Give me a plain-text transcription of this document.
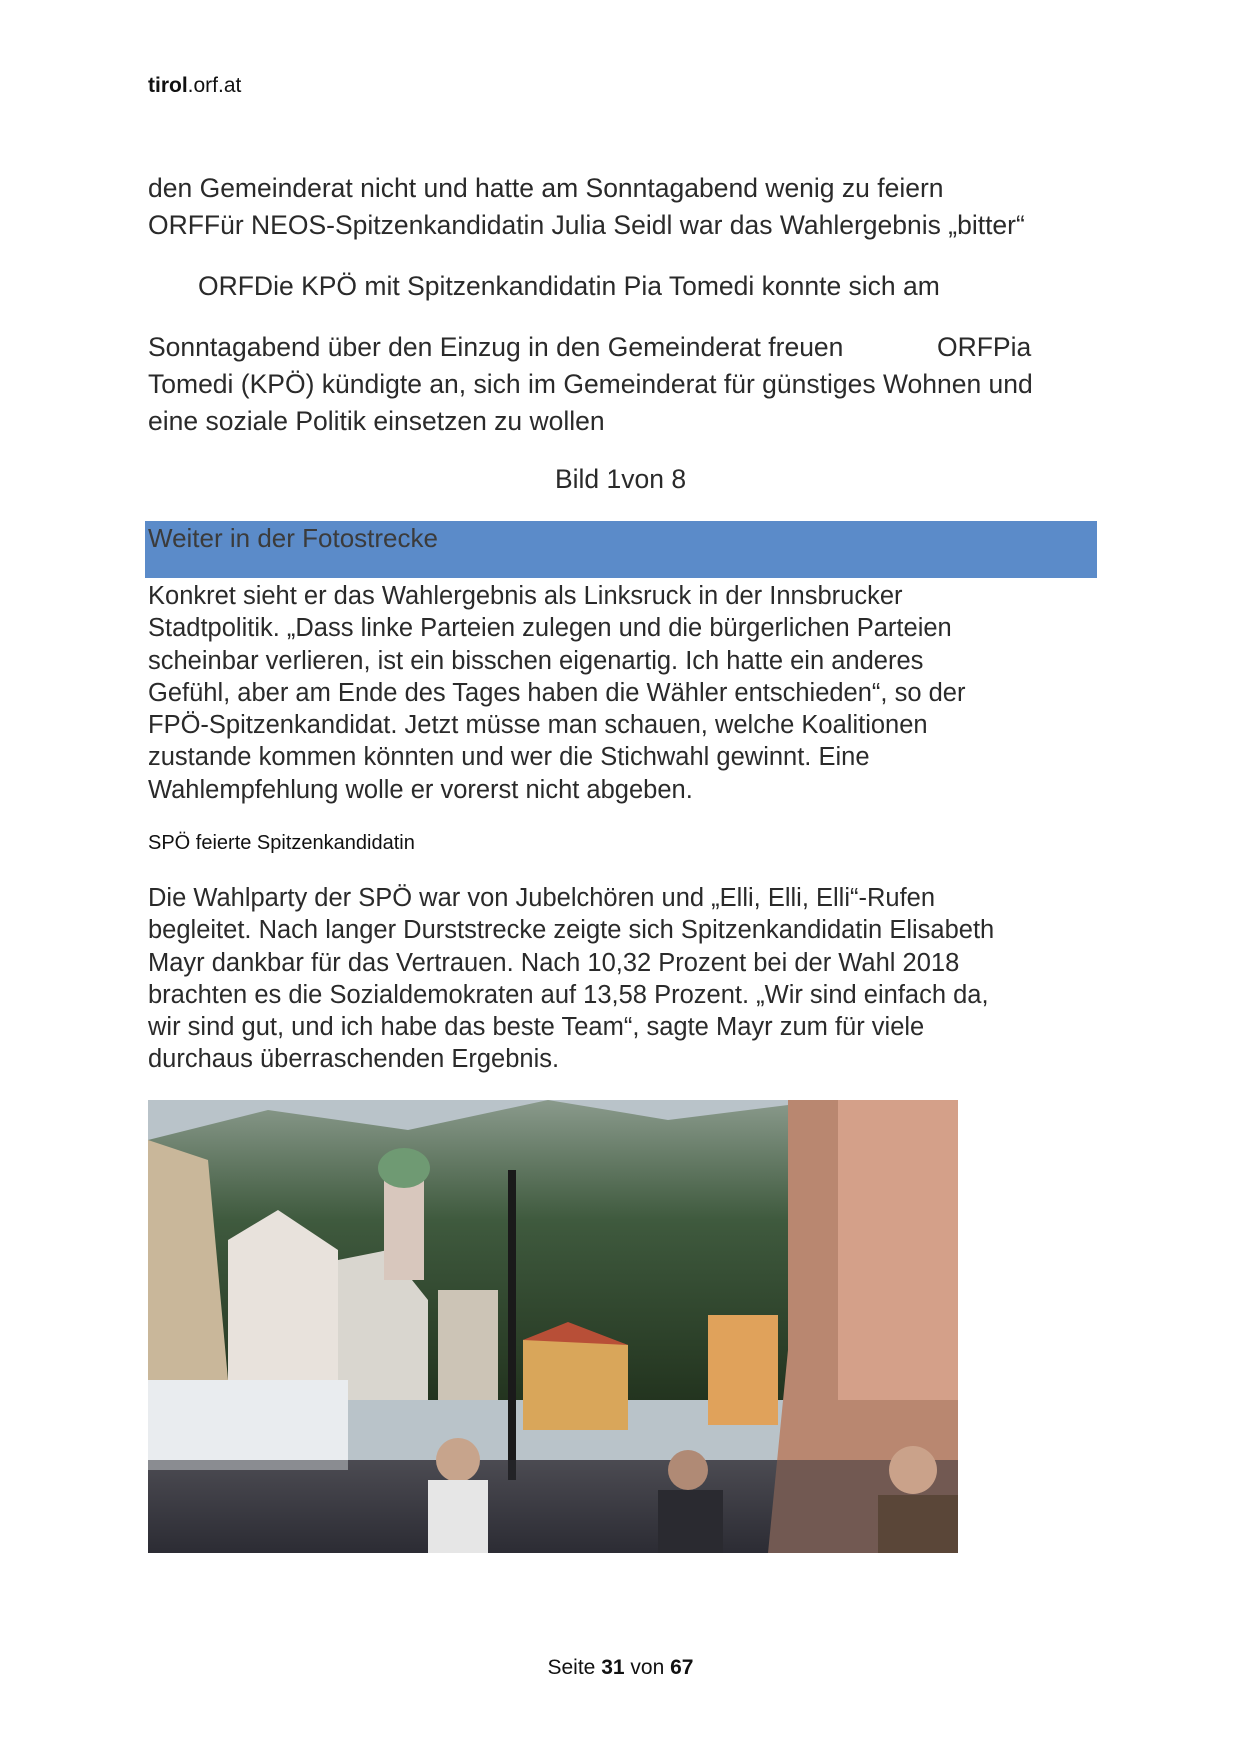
tirol.orf.at
den Gemeinderat nicht und hatte am Sonntagabend wenig zu feiern
ORFFür NEOS-Spitzenkandidatin Julia Seidl war das Wahlergebnis „bitter“
ORFDie KPÖ mit Spitzenkandidatin Pia Tomedi konnte sich am
Sonntagabend über den Einzug in den Gemeinderat freuen	ORFPia
Tomedi (KPÖ) kündigte an, sich im Gemeinderat für günstiges Wohnen und
eine soziale Politik einsetzen zu wollen
Bild 1von 8
Weiter in der Fotostrecke
Konkret sieht er das Wahlergebnis als Linksruck in der Innsbrucker
Stadtpolitik. „Dass linke Parteien zulegen und die bürgerlichen Parteien
scheinbar verlieren, ist ein bisschen eigenartig. Ich hatte ein anderes
Gefühl, aber am Ende des Tages haben die Wähler entschieden“, so der
FPÖ-Spitzenkandidat. Jetzt müsse man schauen, welche Koalitionen
zustande kommen könnten und wer die Stichwahl gewinnt. Eine
Wahlempfehlung wolle er vorerst nicht abgeben.
SPÖ feierte Spitzenkandidatin
Die Wahlparty der SPÖ war von Jubelchören und „Elli, Elli, Elli“-Rufen
begleitet. Nach langer Durststrecke zeigte sich Spitzenkandidatin Elisabeth
Mayr dankbar für das Vertrauen. Nach 10,32 Prozent bei der Wahl 2018
brachten es die Sozialdemokraten auf 13,58 Prozent. „Wir sind einfach da,
wir sind gut, und ich habe das beste Team“, sagte Mayr zum für viele
durchaus überraschenden Ergebnis.
Seite 31 von 67
